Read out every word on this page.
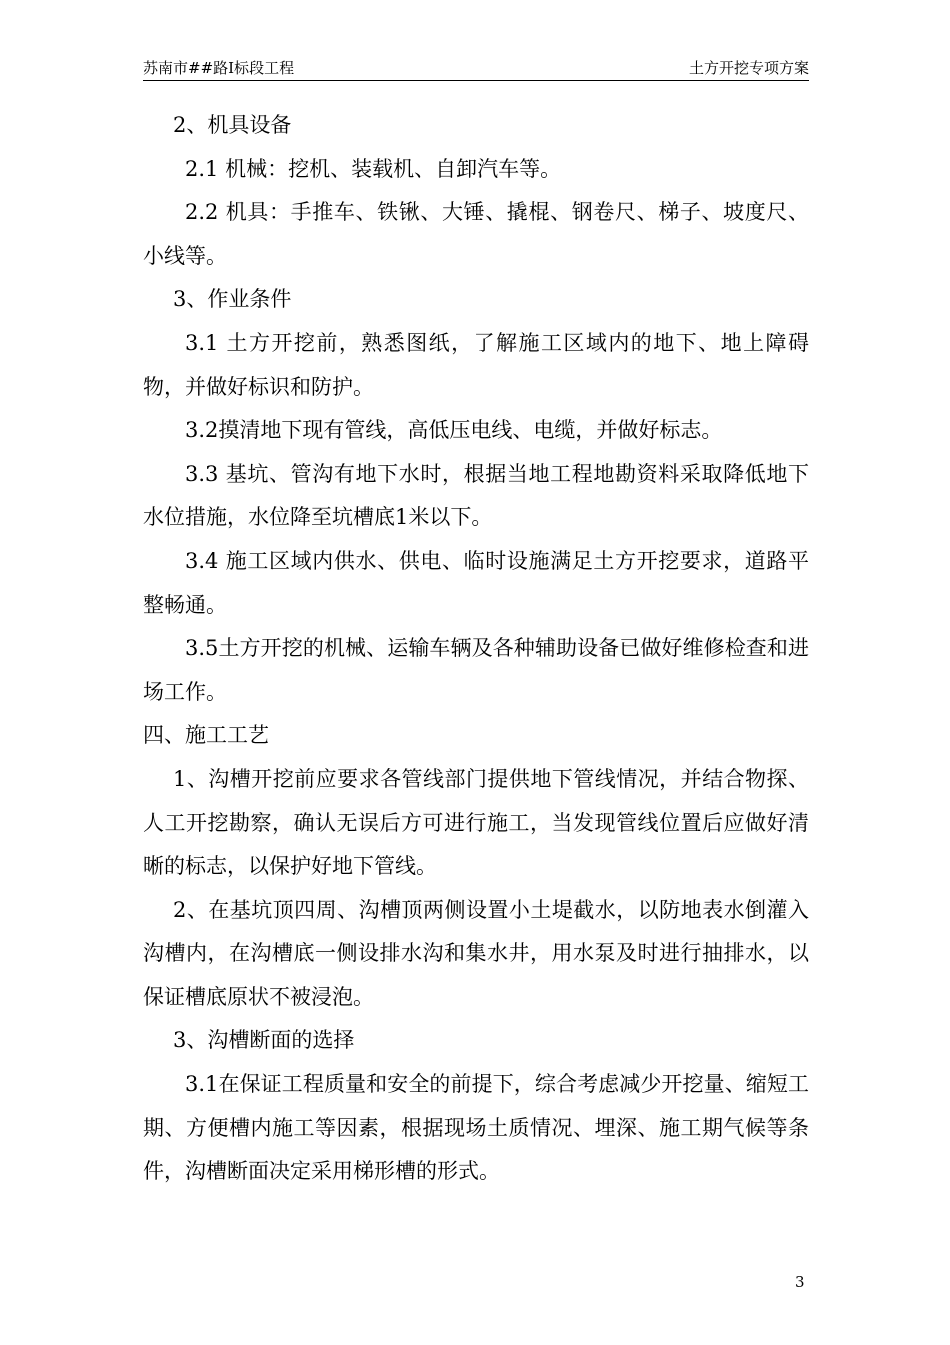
苏南市##路Ⅰ标段工程	土方开挖专项方案

2、机具设备

2.1 机械：挖机、装载机、自卸汽车等。

2.2 机具：手推车、铁锹、大锤、撬棍、钢卷尺、梯子、坡度尺、小线等。

3、作业条件

3.1 土方开挖前，熟悉图纸，了解施工区域内的地下、地上障碍物，并做好标识和防护。

3.2摸清地下现有管线，高低压电线、电缆，并做好标志。

3.3 基坑、管沟有地下水时，根据当地工程地勘资料采取降低地下水位措施，水位降至坑槽底1米以下。

3.4 施工区域内供水、供电、临时设施满足土方开挖要求，道路平整畅通。

3.5土方开挖的机械、运输车辆及各种辅助设备已做好维修检查和进场工作。

四、施工工艺

1、沟槽开挖前应要求各管线部门提供地下管线情况，并结合物探、人工开挖勘察，确认无误后方可进行施工，当发现管线位置后应做好清晰的标志，以保护好地下管线。

2、在基坑顶四周、沟槽顶两侧设置小土堤截水，以防地表水倒灌入沟槽内，在沟槽底一侧设排水沟和集水井，用水泵及时进行抽排水，以保证槽底原状不被浸泡。

3、沟槽断面的选择

3.1在保证工程质量和安全的前提下，综合考虑减少开挖量、缩短工期、方便槽内施工等因素，根据现场土质情况、埋深、施工期气候等条件，沟槽断面决定采用梯形槽的形式。

3
